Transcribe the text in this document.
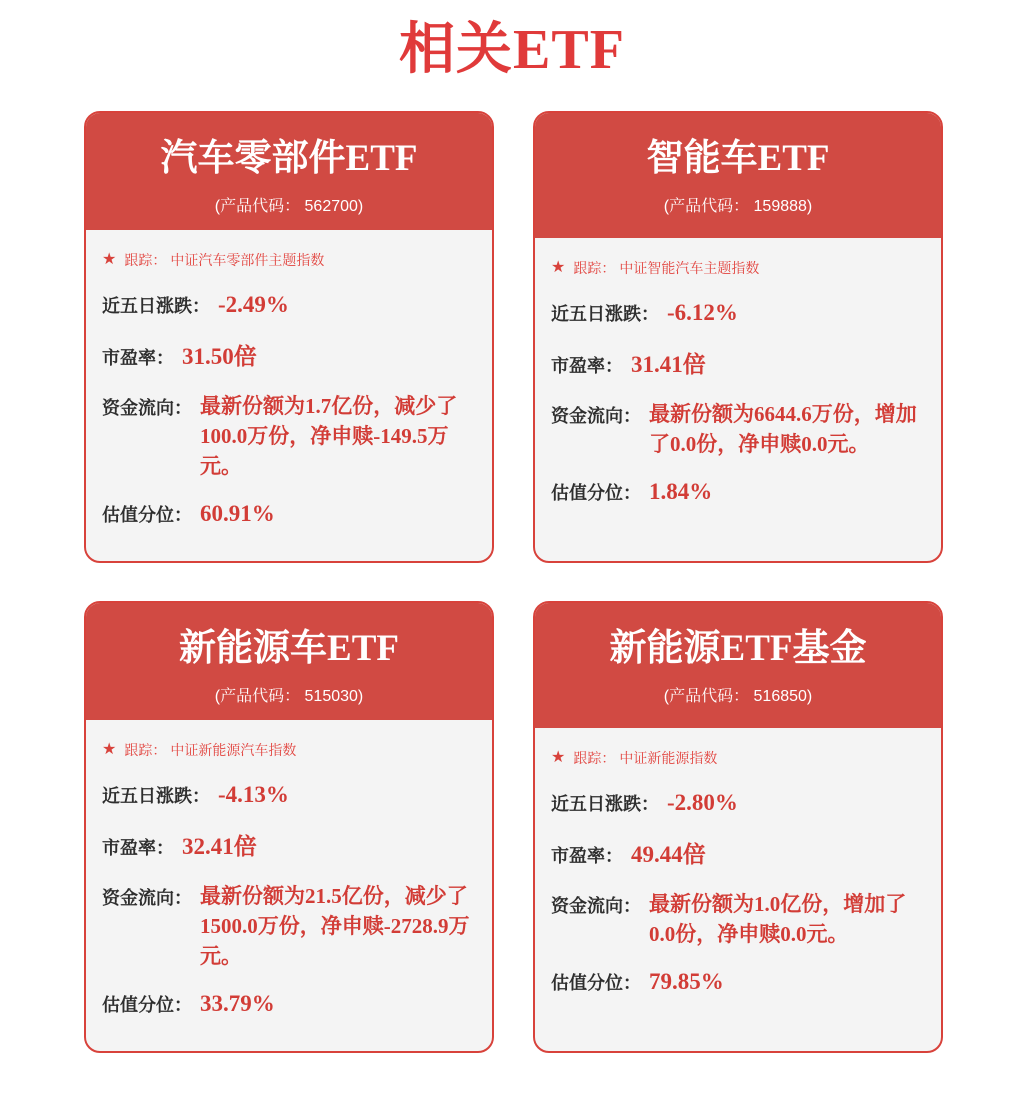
相关ETF
汽车零部件ETF
(产品代码： 562700)
★ 跟踪： 中证汽车零部件主题指数
近五日涨跌： -2.49%
市盈率： 31.50倍
资金流向： 最新份额为1.7亿份，减少了100.0万份，净申赎-149.5万元。
估值分位： 60.91%
智能车ETF
(产品代码： 159888)
★ 跟踪： 中证智能汽车主题指数
近五日涨跌： -6.12%
市盈率： 31.41倍
资金流向： 最新份额为6644.6万份，增加了0.0份，净申赎0.0元。
估值分位： 1.84%
新能源车ETF
(产品代码： 515030)
★ 跟踪： 中证新能源汽车指数
近五日涨跌： -4.13%
市盈率： 32.41倍
资金流向： 最新份额为21.5亿份，减少了1500.0万份，净申赎-2728.9万元。
估值分位： 33.79%
新能源ETF基金
(产品代码： 516850)
★ 跟踪： 中证新能源指数
近五日涨跌： -2.80%
市盈率： 49.44倍
资金流向： 最新份额为1.0亿份，增加了0.0份，净申赎0.0元。
估值分位： 79.85%
